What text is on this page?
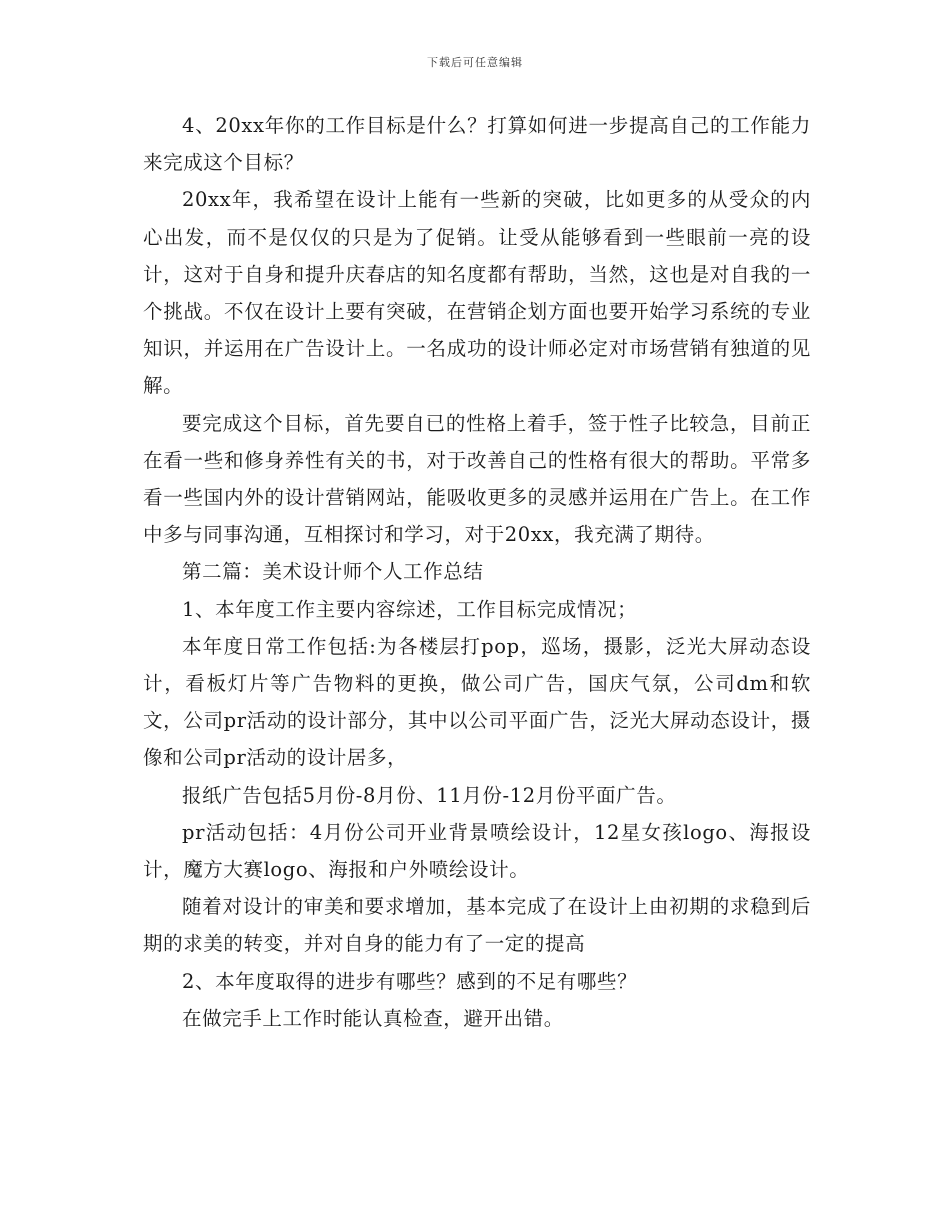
下载后可任意编辑

4、20xx年你的工作目标是什么？打算如何进一步提高自己的工作能力来完成这个目标？

20xx年，我希望在设计上能有一些新的突破，比如更多的从受众的内心出发，而不是仅仅的只是为了促销。让受从能够看到一些眼前一亮的设计，这对于自身和提升庆春店的知名度都有帮助，当然，这也是对自我的一个挑战。不仅在设计上要有突破，在营销企划方面也要开始学习系统的专业知识，并运用在广告设计上。一名成功的设计师必定对市场营销有独道的见解。

要完成这个目标，首先要自已的性格上着手，签于性子比较急，目前正在看一些和修身养性有关的书，对于改善自己的性格有很大的帮助。平常多看一些国内外的设计营销网站，能吸收更多的灵感并运用在广告上。在工作中多与同事沟通，互相探讨和学习，对于20xx，我充满了期待。

第二篇：美术设计师个人工作总结

1、本年度工作主要内容综述，工作目标完成情况；

本年度日常工作包括:为各楼层打pop，巡场，摄影，泛光大屏动态设计，看板灯片等广告物料的更换，做公司广告，国庆气氛，公司dm和软文，公司pr活动的设计部分，其中以公司平面广告，泛光大屏动态设计，摄像和公司pr活动的设计居多，

报纸广告包括5月份-8月份、11月份-12月份平面广告。

pr活动包括：4月份公司开业背景喷绘设计，12星女孩logo、海报设计，魔方大赛logo、海报和户外喷绘设计。

随着对设计的审美和要求增加，基本完成了在设计上由初期的求稳到后期的求美的转变，并对自身的能力有了一定的提高

2、本年度取得的进步有哪些？感到的不足有哪些？

在做完手上工作时能认真检查，避开出错。
